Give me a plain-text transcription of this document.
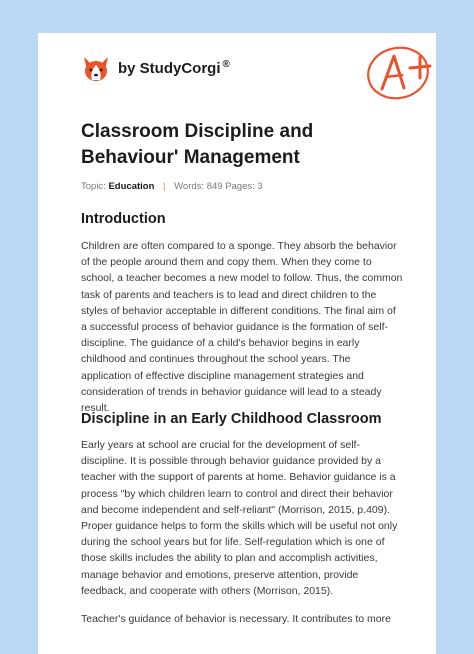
by StudyCorgi ®
Classroom Discipline and Behaviour' Management
Topic: Education | Words: 849 Pages: 3
Introduction

Children are often compared to a sponge. They absorb the behavior of the people around them and copy them. When they come to school, a teacher becomes a new model to follow. Thus, the common task of parents and teachers is to lead and direct children to the styles of behavior acceptable in different conditions. The final aim of a successful process of behavior guidance is the formation of self-discipline. The guidance of a child's behavior begins in early childhood and continues throughout the school years. The application of effective discipline management strategies and consideration of trends in behavior guidance will lead to a steady result.

Discipline in an Early Childhood Classroom

Early years at school are crucial for the development of self-discipline. It is possible through behavior guidance provided by a teacher with the support of parents at home. Behavior guidance is a process "by which children learn to control and direct their behavior and become independent and self-reliant" (Morrison, 2015, p.409). Proper guidance helps to form the skills which will be useful not only during the school years but for life. Self-regulation which is one of those skills includes the ability to plan and accomplish activities, manage behavior and emotions, preserve attention, provide feedback, and cooperate with others (Morrison, 2015).

Teacher's guidance of behavior is necessary. It contributes to more
